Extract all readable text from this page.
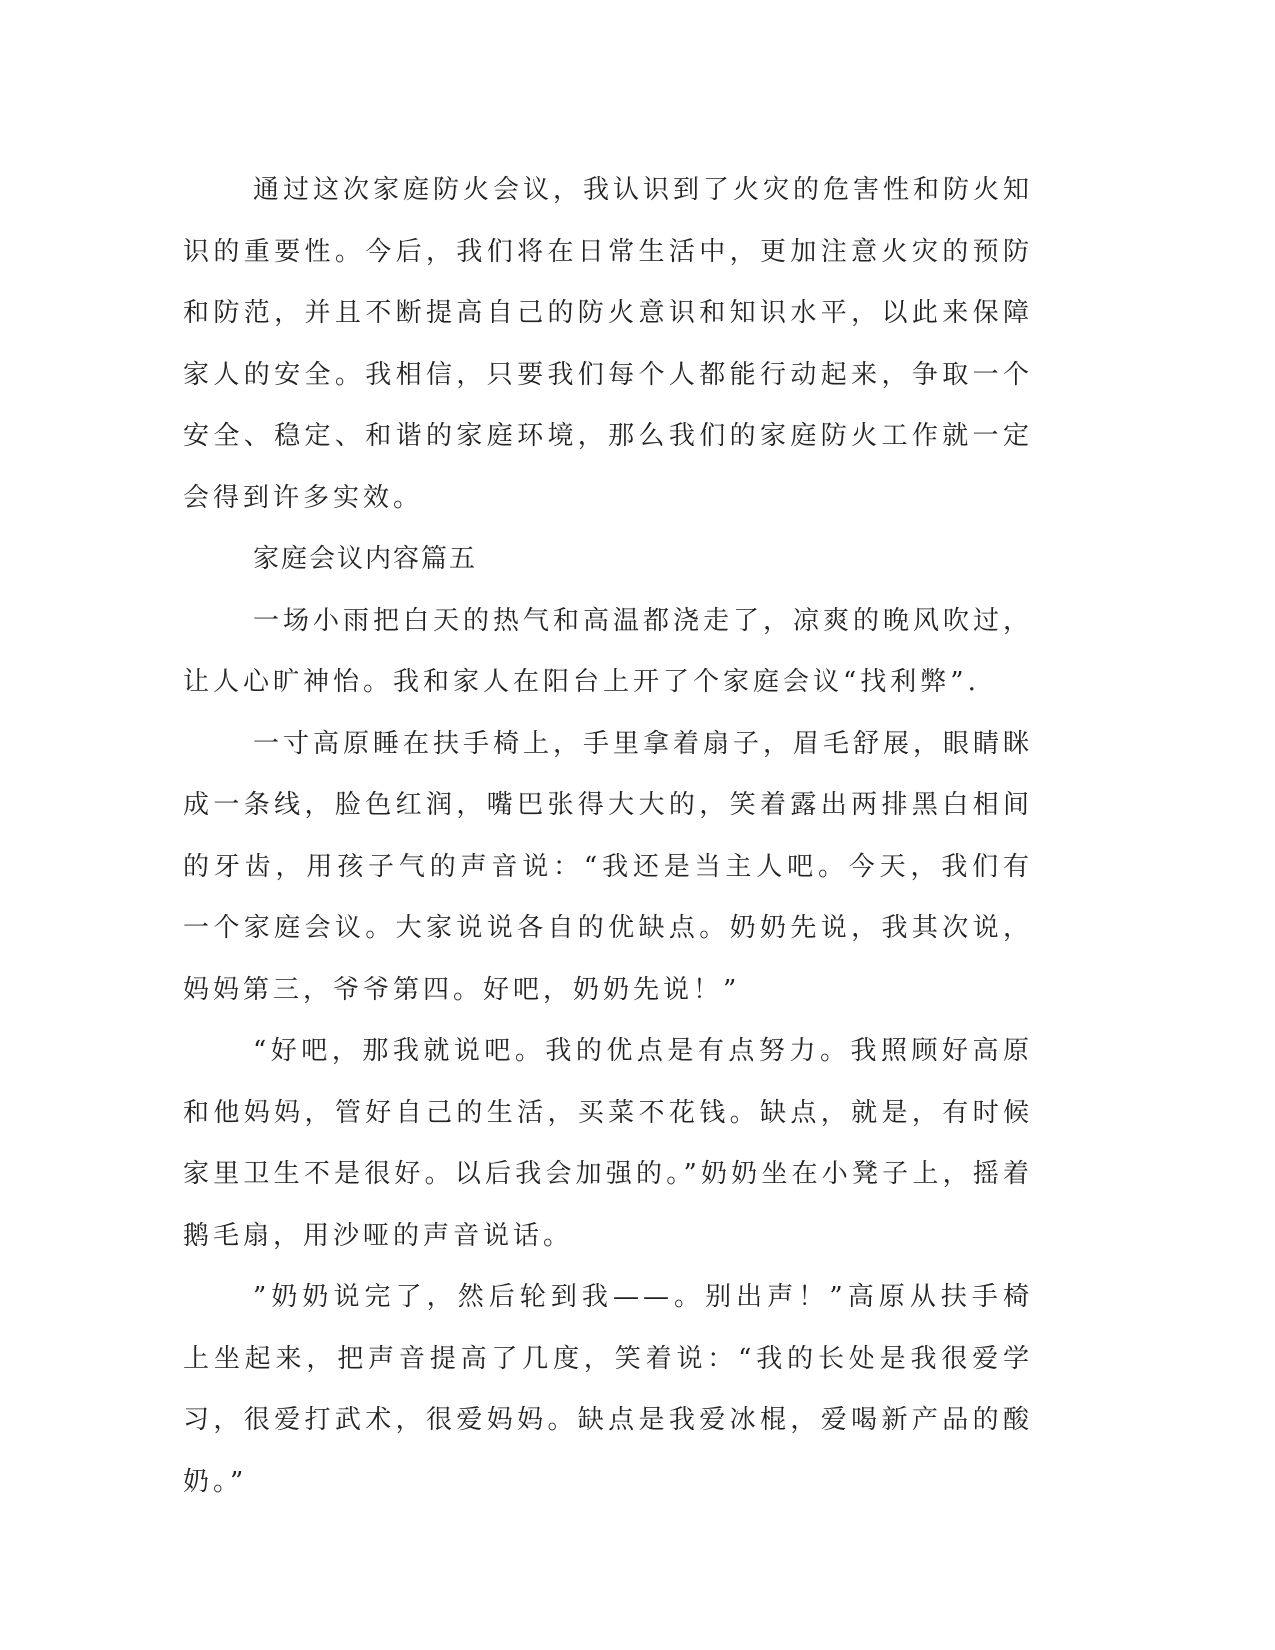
通过这次家庭防火会议，我认识到了火灾的危害性和防火知识的重要性。今后，我们将在日常生活中，更加注意火灾的预防和防范，并且不断提高自己的防火意识和知识水平，以此来保障家人的安全。我相信，只要我们每个人都能行动起来，争取一个安全、稳定、和谐的家庭环境，那么我们的家庭防火工作就一定会得到许多实效。

家庭会议内容篇五

一场小雨把白天的热气和高温都浇走了，凉爽的晚风吹过，让人心旷神怡。我和家人在阳台上开了个家庭会议“找利弊”.

一寸高原睡在扶手椅上，手里拿着扇子，眉毛舒展，眼睛眯成一条线，脸色红润，嘴巴张得大大的，笑着露出两排黑白相间的牙齿，用孩子气的声音说：“我还是当主人吧。今天，我们有一个家庭会议。大家说说各自的优缺点。奶奶先说，我其次说，妈妈第三，爷爷第四。好吧，奶奶先说！”

“好吧，那我就说吧。我的优点是有点努力。我照顾好高原和他妈妈，管好自己的生活，买菜不花钱。缺点，就是，有时候家里卫生不是很好。以后我会加强的。”奶奶坐在小凳子上，摇着鹅毛扇，用沙哑的声音说话。

”奶奶说完了，然后轮到我——。别出声！”高原从扶手椅上坐起来，把声音提高了几度，笑着说：“我的长处是我很爱学习，很爱打武术，很爱妈妈。缺点是我爱冰棍，爱喝新产品的酸奶。”
